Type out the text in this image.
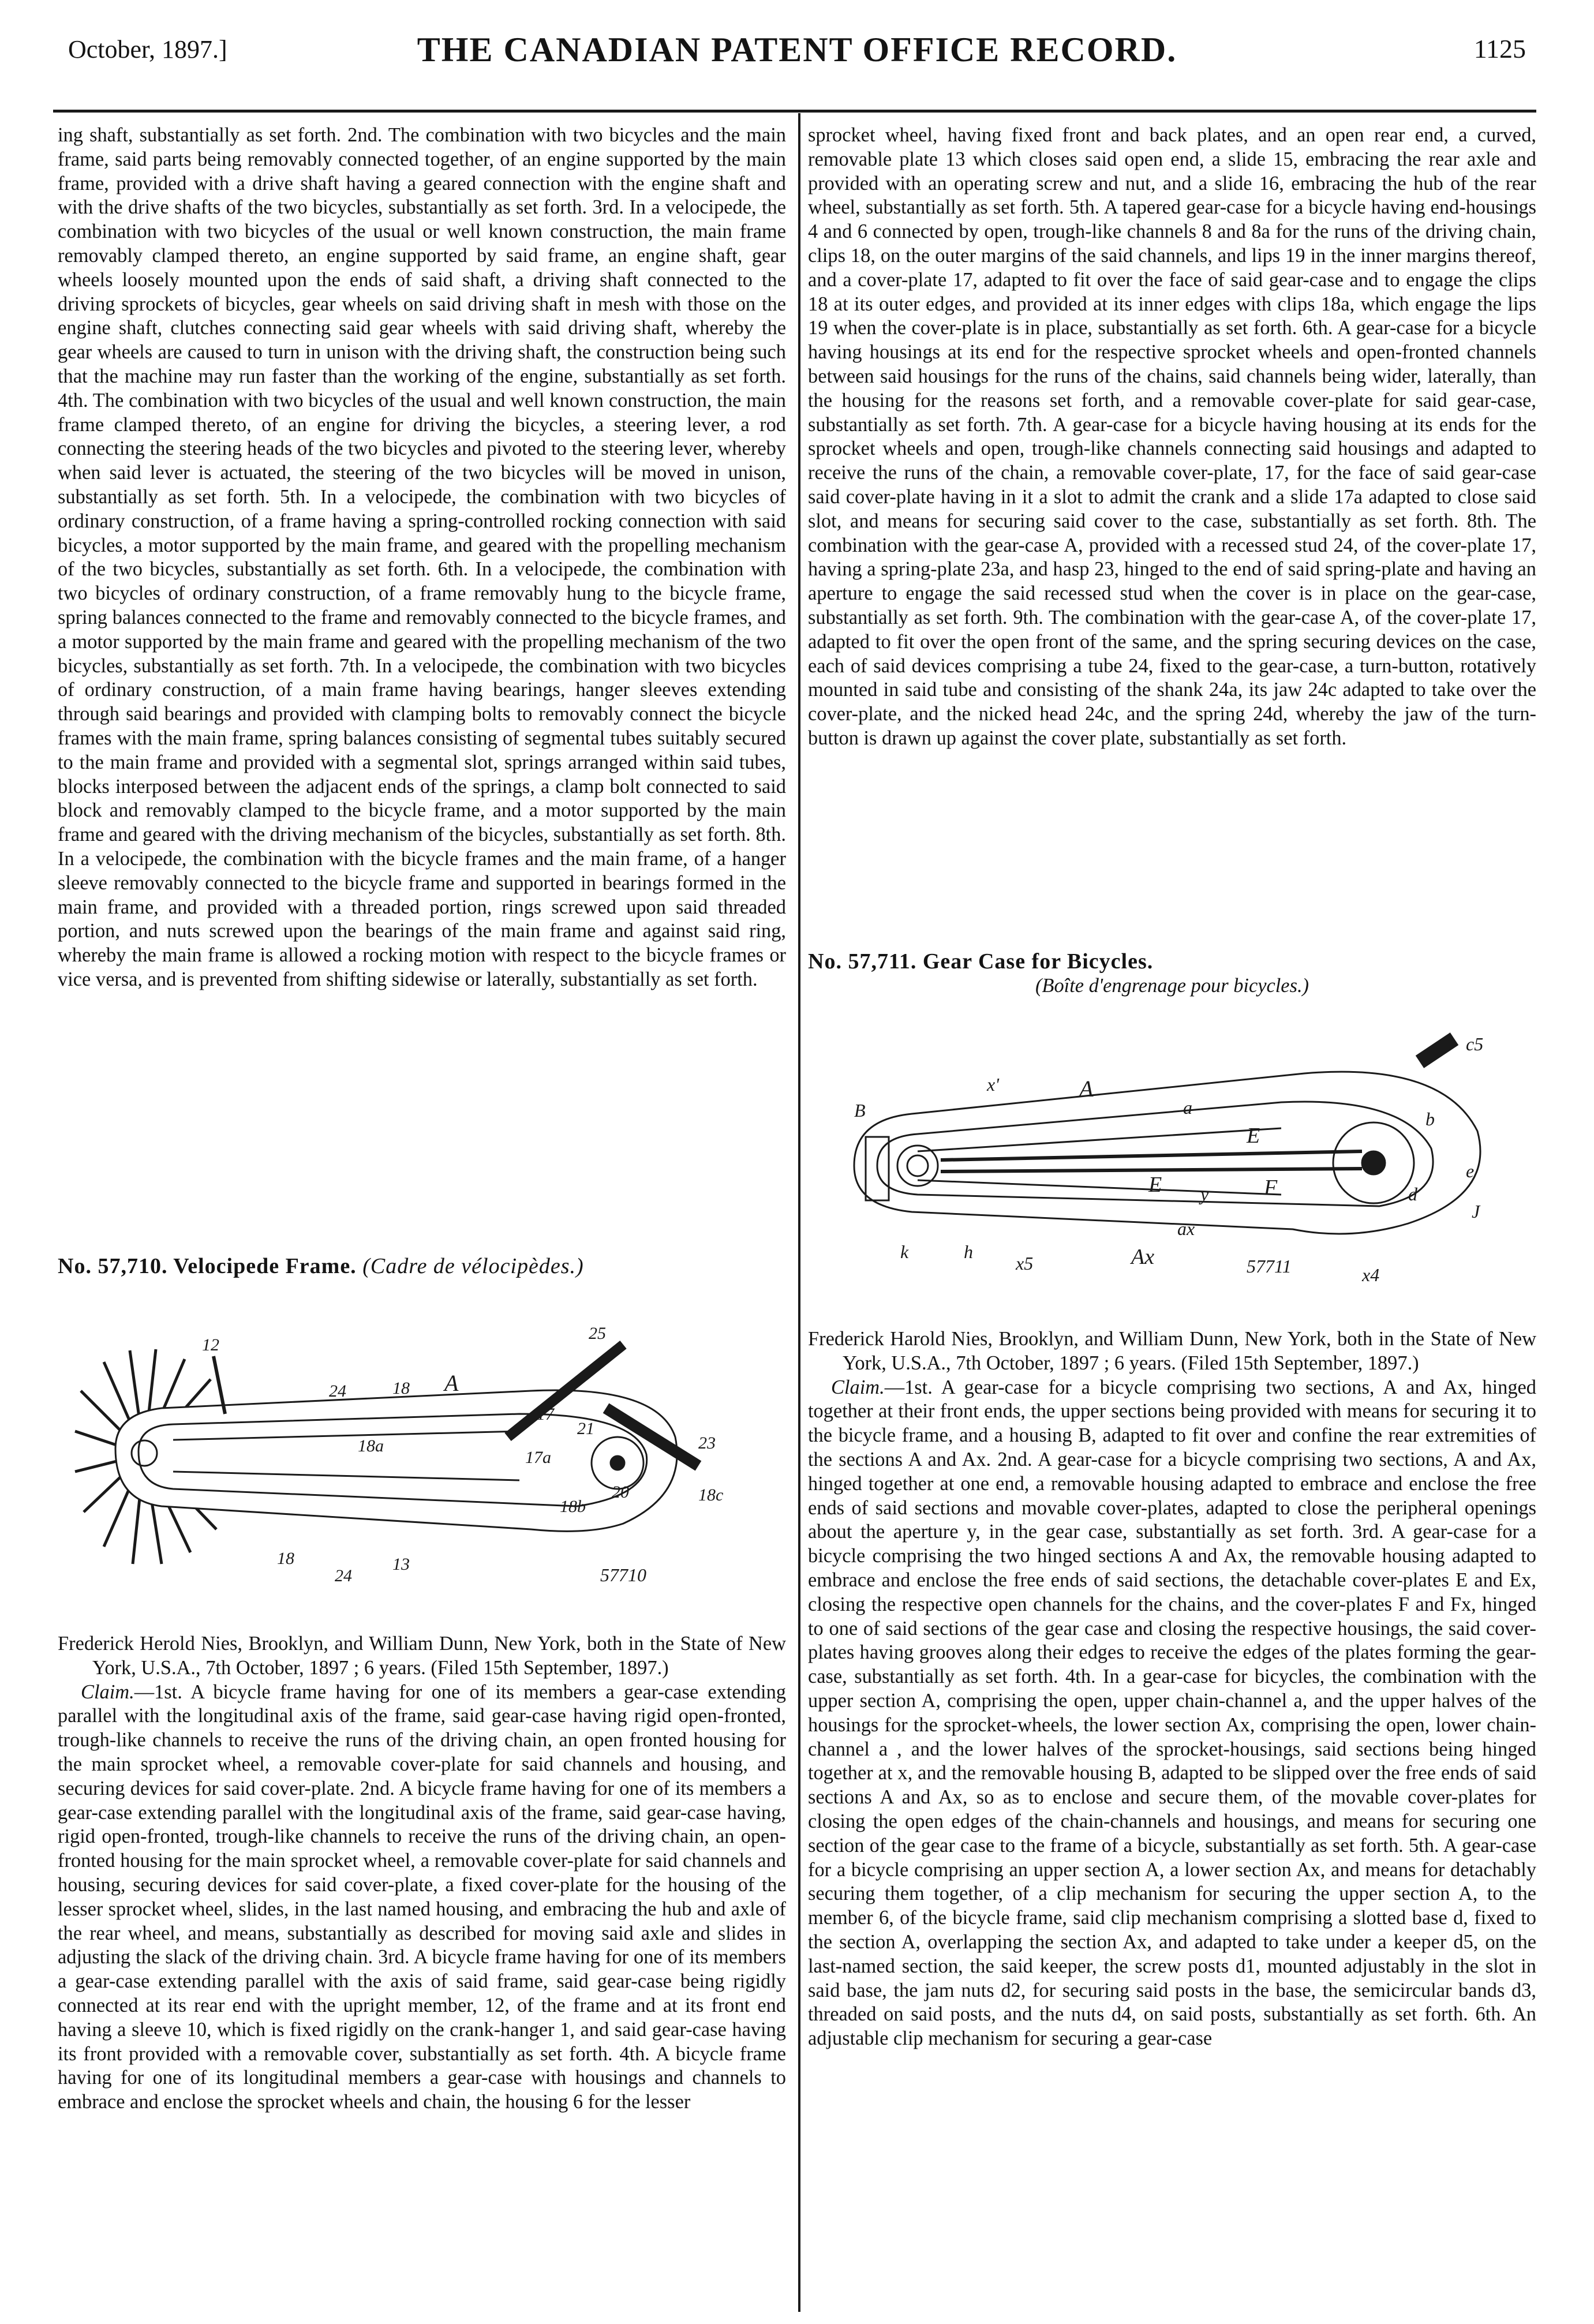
October, 1897.]	THE CANADIAN PATENT OFFICE RECORD.	1125

ing shaft, substantially as set forth. 2nd. The combination with two bicycles and the main frame, said parts being removably connected together, of an engine supported by the main frame, provided with a drive shaft having a geared connection with the engine shaft and with the drive shafts of the two bicycles, substantially as set forth. 3rd. In a velocipede, the combination with two bicycles of the usual or well known construction, the main frame removably clamped thereto, an engine supported by said frame, an engine shaft, gear wheels loosely mounted upon the ends of said shaft, a driving shaft connected to the driving sprockets of bicycles, gear wheels on said driving shaft in mesh with those on the engine shaft, clutches connecting said gear wheels with said driving shaft, whereby the gear wheels are caused to turn in unison with the driving shaft, the construction being such that the machine may run faster than the working of the engine, substantially as set forth. 4th. The combination with two bicycles of the usual and well known construction, the main frame clamped thereto, of an engine for driving the bicycles, a steering lever, a rod connecting the steering heads of the two bicycles and pivoted to the steering lever, whereby when said lever is actuated, the steering of the two bicycles will be moved in unison, substantially as set forth. 5th. In a velocipede, the combination with two bicycles of ordinary construction, of a frame having a spring-controlled rocking connection with said bicycles, a motor supported by the main frame, and geared with the propelling mechanism of the two bicycles, substantially as set forth. 6th. In a velocipede, the combination with two bicycles of ordinary construction, of a frame removably hung to the bicycle frame, spring balances connected to the frame and removably connected to the bicycle frames, and a motor supported by the main frame and geared with the propelling mechanism of the two bicycles, substantially as set forth. 7th. In a velocipede, the combination with two bicycles of ordinary construction, of a main frame having bearings, hanger sleeves extending through said bearings and provided with clamping bolts to removably connect the bicycle frames with the main frame, spring balances consisting of segmental tubes suitably secured to the main frame and provided with a segmental slot, springs arranged within said tubes, blocks interposed between the adjacent ends of the springs, a clamp bolt connected to said block and removably clamped to the bicycle frame, and a motor supported by the main frame and geared with the driving mechanism of the bicycles, substantially as set forth. 8th. In a velocipede, the combination with the bicycle frames and the main frame, of a hanger sleeve removably connected to the bicycle frame and supported in bearings formed in the main frame, and provided with a threaded portion, rings screwed upon said threaded portion, and nuts screwed upon the bearings of the main frame and against said ring, whereby the main frame is allowed a rocking motion with respect to the bicycle frames or vice versa, and is prevented from shifting sidewise or laterally, substantially as set forth.

No. 57,710. Velocipede Frame. (Cadre de vélocipèdes.)
12
25
24	18 A
17
21
23
18a
17a
20	18c
18b
18	13
24	57710

Frederick Herold Nies, Brooklyn, and William Dunn, New York, both in the State of New York, U.S.A., 7th October, 1897 ; 6 years. (Filed 15th September, 1897.)

Claim.—1st. A bicycle frame having for one of its members a gear-case extending parallel with the longitudinal axis of the frame, said gear-case having rigid open-fronted, trough-like channels to receive the runs of the driving chain, an open fronted housing for the main sprocket wheel, a removable cover-plate for said channels and housing, and securing devices for said cover-plate. 2nd. A bicycle frame having for one of its members a gear-case extending parallel with the longitudinal axis of the frame, said gear-case having, rigid open-fronted, trough-like channels to receive the runs of the driving chain, an open-fronted housing for the main sprocket wheel, a removable cover-plate for said channels and housing, securing devices for said cover-plate, a fixed cover-plate for the housing of the lesser sprocket wheel, slides, in the last named housing, and embracing the hub and axle of the rear wheel, and means, substantially as described for moving said axle and slides in adjusting the slack of the driving chain. 3rd. A bicycle frame having for one of its members a gear-case extending parallel with the axis of said frame, said gear-case being rigidly connected at its rear end with the upright member, 12, of the frame and at its front end having a sleeve 10, which is fixed rigidly on the crank-hanger 1, and said gear-case having its front provided with a removable cover, substantially as set forth. 4th. A bicycle frame having for one of its longitudinal members a gear-case with housings and channels to embrace and enclose the sprocket wheels and chain, the housing 6 for the lesser

sprocket wheel, having fixed front and back plates, and an open rear end, a curved, removable plate 13 which closes said open end, a slide 15, embracing the rear axle and provided with an operating screw and nut, and a slide 16, embracing the hub of the rear wheel, substantially as set forth. 5th. A tapered gear-case for a bicycle having end-housings 4 and 6 connected by open, trough-like channels 8 and 8a for the runs of the driving chain, clips 18, on the outer margins of the said channels, and lips 19 in the inner margins thereof, and a cover-plate 17, adapted to fit over the face of said gear-case and to engage the clips 18 at its outer edges, and provided at its inner edges with clips 18a, which engage the lips 19 when the cover-plate is in place, substantially as set forth. 6th. A gear-case for a bicycle having housings at its end for the respective sprocket wheels and open-fronted channels between said housings for the runs of the chains, said channels being wider, laterally, than the housing for the reasons set forth, and a removable cover-plate for said gear-case, substantially as set forth. 7th. A gear-case for a bicycle having housing at its ends for the sprocket wheels and open, trough-like channels connecting said housings and adapted to receive the runs of the chain, a removable cover-plate, 17, for the face of said gear-case said cover-plate having in it a slot to admit the crank and a slide 17a adapted to close said slot, and means for securing said cover to the case, substantially as set forth. 8th. The combination with the gear-case A, provided with a recessed stud 24, of the cover-plate 17, having a spring-plate 23a, and hasp 23, hinged to the end of said spring-plate and having an aperture to engage the said recessed stud when the cover is in place on the gear-case, substantially as set forth. 9th. The combination with the gear-case A, of the cover-plate 17, adapted to fit over the open front of the same, and the spring securing devices on the case, each of said devices comprising a tube 24, fixed to the gear-case, a turn-button, rotatively mounted in said tube and consisting of the shank 24a, its jaw 24c adapted to take over the cover-plate, and the nicked head 24c, and the spring 24d, whereby the jaw of the turn-button is drawn up against the cover plate, substantially as set forth.

No. 57,711. Gear Case for Bicycles.

(Boîte d'engrenage pour bicycles.)

B
x'	A
a
E
c5
b
e
y	F
E	d
J
ax
k	h
x5	Ax
x4
57711

Frederick Harold Nies, Brooklyn, and William Dunn, New York, both in the State of New York, U.S.A., 7th October, 1897 ; 6 years. (Filed 15th September, 1897.)

Claim.—1st. A gear-case for a bicycle comprising two sections, A and Ax, hinged together at their front ends, the upper sections being provided with means for securing it to the bicycle frame, and a housing B, adapted to fit over and confine the rear extremities of the sections A and Ax. 2nd. A gear-case for a bicycle comprising two sections, A and Ax, hinged together at one end, a removable housing adapted to embrace and enclose the free ends of said sections and movable cover-plates, adapted to close the peripheral openings about the aperture y, in the gear case, substantially as set forth. 3rd. A gear-case for a bicycle comprising the two hinged sections A and Ax, the removable housing adapted to embrace and enclose the free ends of said sections, the detachable cover-plates E and Ex, closing the respective open channels for the chains, and the cover-plates F and Fx, hinged to one of said sections of the gear case and closing the respective housings, the said cover-plates having grooves along their edges to receive the edges of the plates forming the gear-case, substantially as set forth. 4th. In a gear-case for bicycles, the combination with the upper section A, comprising the open, upper chain-channel a, and the upper halves of the housings for the sprocket-wheels, the lower section Ax, comprising the open, lower chain-channel a , and the lower halves of the sprocket-housings, said sections being hinged together at x, and the removable housing B, adapted to be slipped over the free ends of said sections A and Ax, so as to enclose and secure them, of the movable cover-plates for closing the open edges of the chain-channels and housings, and means for securing one section of the gear case to the frame of a bicycle, substantially as set forth. 5th. A gear-case for a bicycle comprising an upper section A, a lower section Ax, and means for detachably securing them together, of a clip mechanism for securing the upper section A, to the member 6, of the bicycle frame, said clip mechanism comprising a slotted base d, fixed to the section A, overlapping the section Ax, and adapted to take under a keeper d5, on the last-named section, the said keeper, the screw posts d1, mounted adjustably in the slot in said base, the jam nuts d2, for securing said posts in the base, the semicircular bands d3, threaded on said posts, and the nuts d4, on said posts, substantially as set forth. 6th. An adjustable clip mechanism for securing a gear-case
